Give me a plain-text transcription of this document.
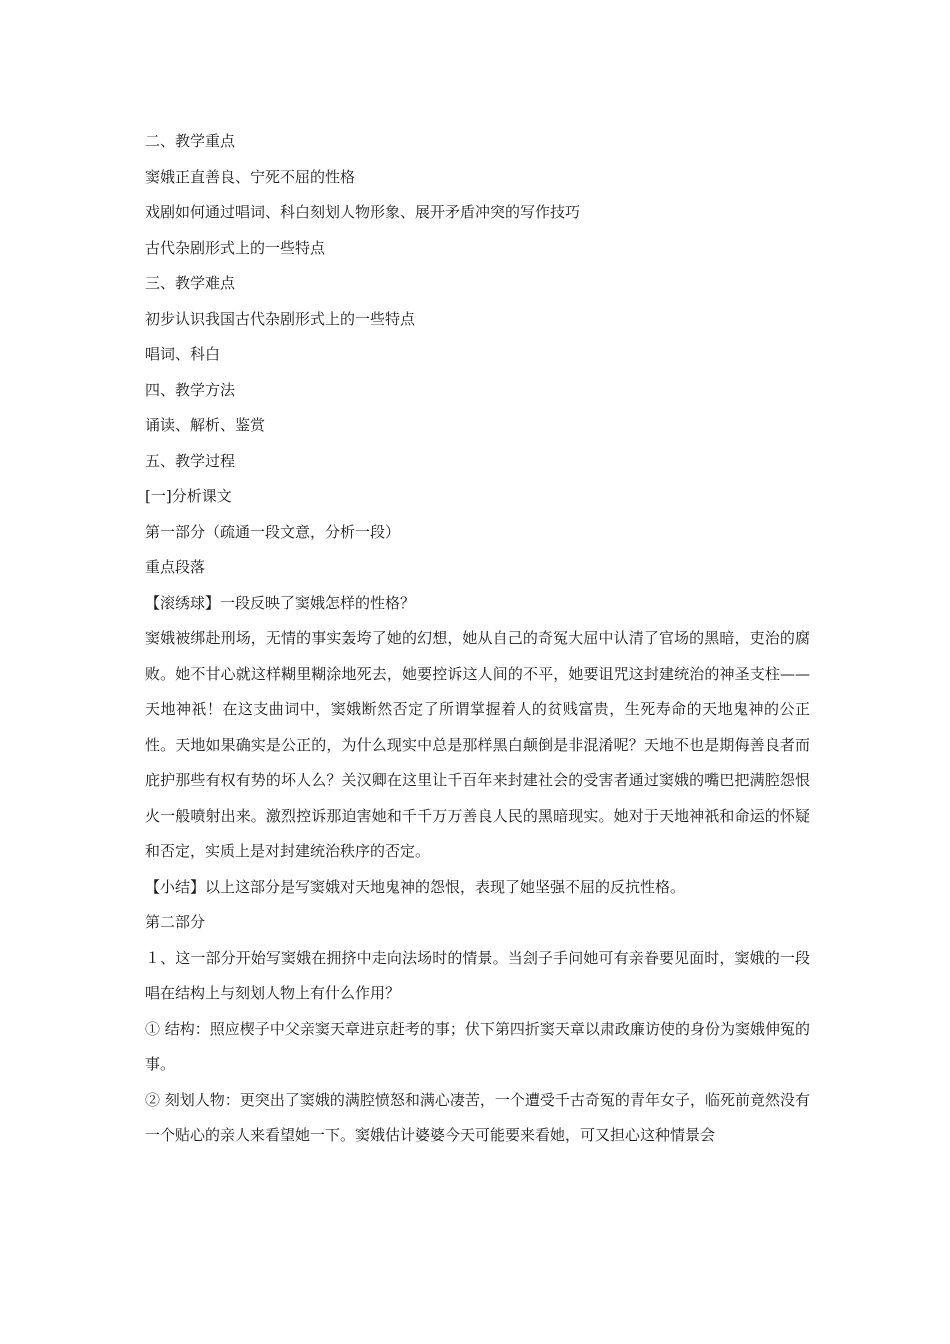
二、教学重点
窦娥正直善良、宁死不屈的性格
戏剧如何通过唱词、科白刻划人物形象、展开矛盾冲突的写作技巧
古代杂剧形式上的一些特点
三、教学难点
初步认识我国古代杂剧形式上的一些特点
唱词、科白
四、教学方法
诵读、解析、鉴赏
五、教学过程
[一]分析课文
第一部分（疏通一段文意，分析一段）
重点段落
【滚绣球】一段反映了窦娥怎样的性格？

窦娥被绑赴刑场，无情的事实轰垮了她的幻想，她从自己的奇冤大屈中认清了官场的黑暗，吏治的腐败。她不甘心就这样糊里糊涂地死去，她要控诉这人间的不平，她要诅咒这封建统治的神圣支柱——天地神祇！在这支曲词中，窦娥断然否定了所谓掌握着人的贫贱富贵，生死寿命的天地鬼神的公正性。天地如果确实是公正的，为什么现实中总是那样黑白颠倒是非混淆呢？天地不也是期侮善良者而庇护那些有权有势的坏人么？关汉卿在这里让千百年来封建社会的受害者通过窦娥的嘴巴把满腔怨恨火一般喷射出来。激烈控诉那迫害她和千千万万善良人民的黑暗现实。她对于天地神祇和命运的怀疑和否定，实质上是对封建统治秩序的否定。

【小结】以上这部分是写窦娥对天地鬼神的怨恨，表现了她坚强不屈的反抗性格。

第二部分

１、这一部分开始写窦娥在拥挤中走向法场时的情景。当刽子手问她可有亲眷要见面时，窦娥的一段唱在结构上与刻划人物上有什么作用？

① 结构：照应楔子中父亲窦天章进京赶考的事；伏下第四折窦天章以肃政廉访使的身份为窦娥伸冤的事。

② 刻划人物：更突出了窦娥的满腔愤怒和满心凄苦，一个遭受千古奇冤的青年女子，临死前竟然没有一个贴心的亲人来看望她一下。窦娥估计婆婆今天可能要来看她，可又担心这种情景会
